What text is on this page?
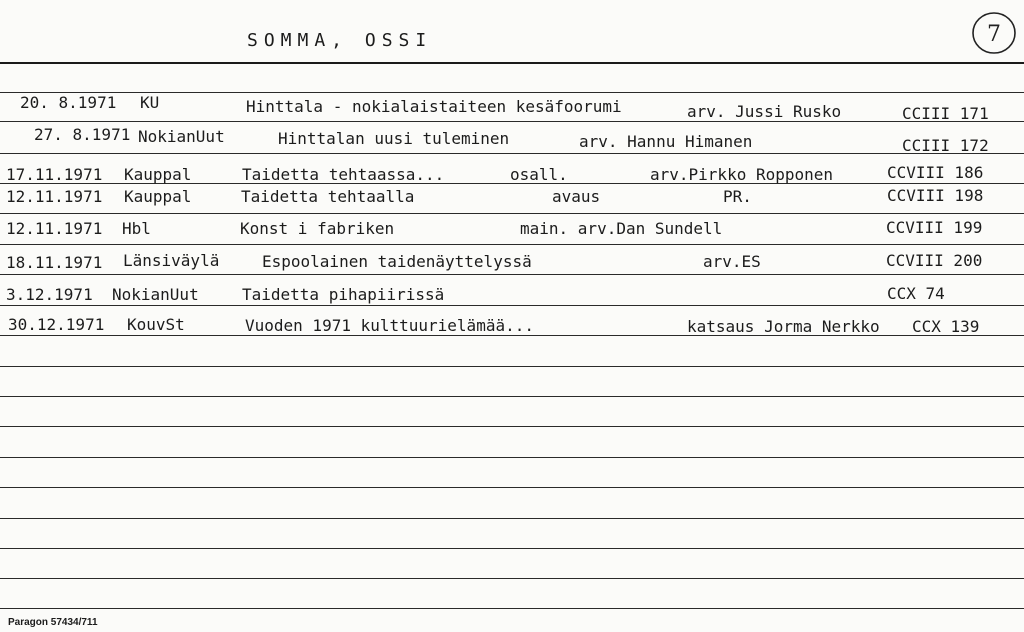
SOMMA, OSSI	7
20. 8.1971 KU	Hinttala - nokialaistaiteen kesäfoorumi	arv. Jussi Rusko	CCIII 171
27. 8.1971 NokianUut	Hinttalan uusi tuleminen	arv. Hannu Himanen	CCIII 172
17.11.1971 Kauppal	Taidetta tehtaassa...	osall.	arv.Pirkko Ropponen	CCVIII 186
12.11.1971 Kauppal	Taidetta tehtaalla	avaus	PR.	CCVIII 198
12.11.1971 Hbl	Konst i fabriken	main. arv.Dan Sundell	CCVIII 199
18.11.1971 Länsiväylä	Espoolainen taidenäyttelyssä	arv.ES	CCVIII 200
3.12.1971 NokianUut	Taidetta pihapiirissä	CCX 74
30.12.1971 KouvSt	Vuoden 1971 kulttuurielämää...	katsaus Jorma Nerkko CCX 139
Paragon 57434/711
